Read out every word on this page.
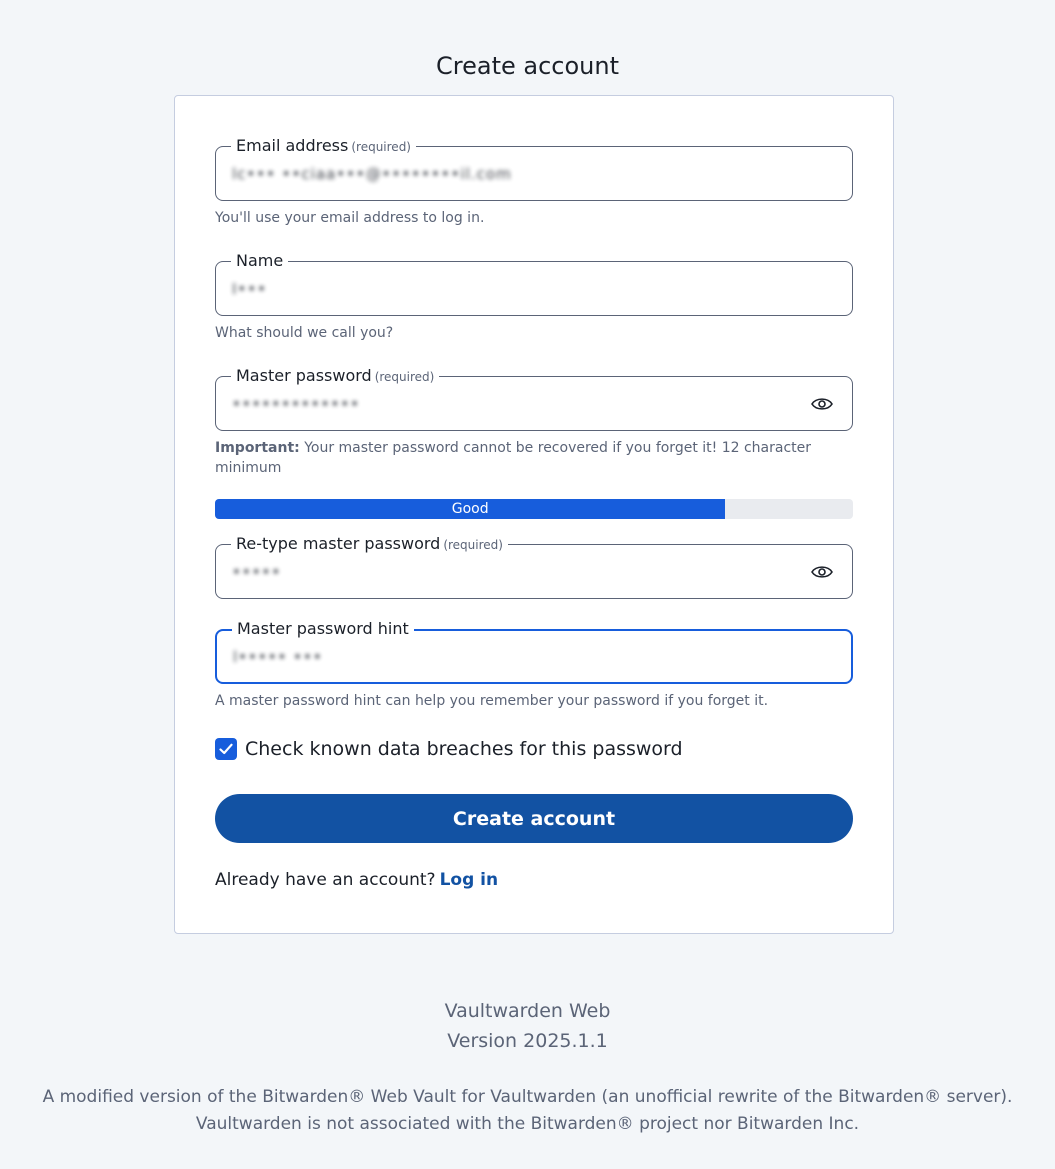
Create account
Email address (required)
lc••• ••ciaa•••@••••••••il.com
You'll use your email address to log in.
Name
I•••
What should we call you?
Master password (required)
•••••••••••••
Important: Your master password cannot be recovered if you forget it! 12 character minimum
Good
Re-type master password (required)
•••••
Master password hint
l••••• •••
A master password hint can help you remember your password if you forget it.
Check known data breaches for this password
Create account
Already have an account? Log in
Vaultwarden Web
Version 2025.1.1
A modified version of the Bitwarden® Web Vault for Vaultwarden (an unofficial rewrite of the Bitwarden® server).
Vaultwarden is not associated with the Bitwarden® project nor Bitwarden Inc.
